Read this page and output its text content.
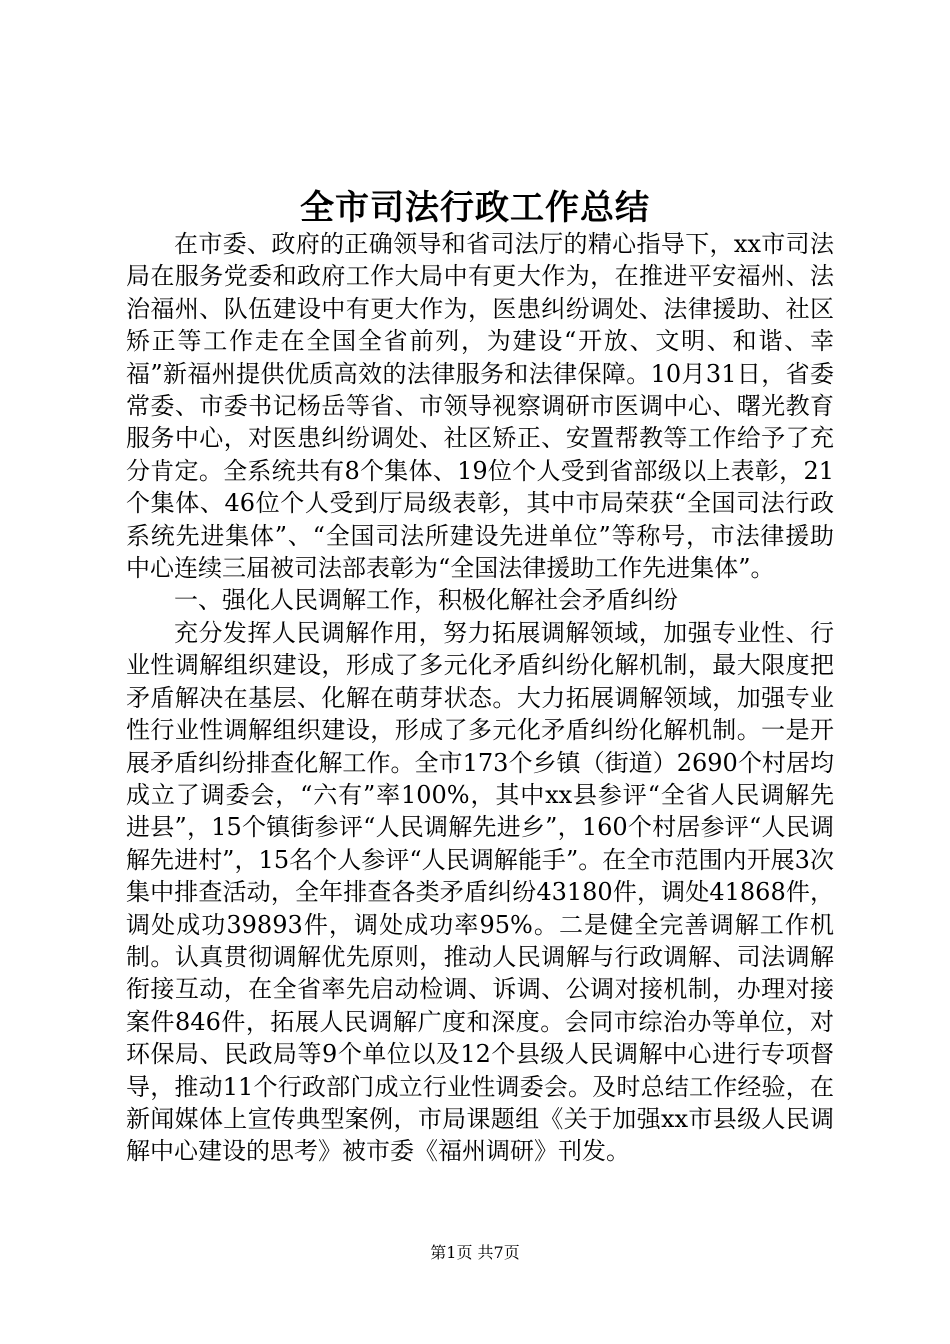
全市司法行政工作总结

在市委、政府的正确领导和省司法厅的精心指导下，xx市司法局在服务党委和政府工作大局中有更大作为，在推进平安福州、法治福州、队伍建设中有更大作为，医患纠纷调处、法律援助、社区矫正等工作走在全国全省前列，为建设“开放、文明、和谐、幸福”新福州提供优质高效的法律服务和法律保障。10月31日，省委常委、市委书记杨岳等省、市领导视察调研市医调中心、曙光教育服务中心，对医患纠纷调处、社区矫正、安置帮教等工作给予了充分肯定。全系统共有8个集体、19位个人受到省部级以上表彰，21个集体、46位个人受到厅局级表彰，其中市局荣获“全国司法行政系统先进集体”、“全国司法所建设先进单位”等称号，市法律援助中心连续三届被司法部表彰为“全国法律援助工作先进集体”。

一、强化人民调解工作，积极化解社会矛盾纠纷

充分发挥人民调解作用，努力拓展调解领域，加强专业性、行业性调解组织建设，形成了多元化矛盾纠纷化解机制，最大限度把矛盾解决在基层、化解在萌芽状态。大力拓展调解领域，加强专业性行业性调解组织建设，形成了多元化矛盾纠纷化解机制。一是开展矛盾纠纷排查化解工作。全市173个乡镇（街道）2690个村居均成立了调委会，“六有”率100%，其中xx县参评“全省人民调解先进县”，15个镇街参评“人民调解先进乡”，160个村居参评“人民调解先进村”，15名个人参评“人民调解能手”。在全市范围内开展3次集中排查活动，全年排查各类矛盾纠纷43180件，调处41868件，调处成功39893件，调处成功率95%。二是健全完善调解工作机制。认真贯彻调解优先原则，推动人民调解与行政调解、司法调解衔接互动，在全省率先启动检调、诉调、公调对接机制，办理对接案件846件，拓展人民调解广度和深度。会同市综治办等单位，对环保局、民政局等9个单位以及12个县级人民调解中心进行专项督导，推动11个行政部门成立行业性调委会。及时总结工作经验，在新闻媒体上宣传典型案例，市局课题组《关于加强xx市县级人民调解中心建设的思考》被市委《福州调研》刊发。

第1页 共7页
